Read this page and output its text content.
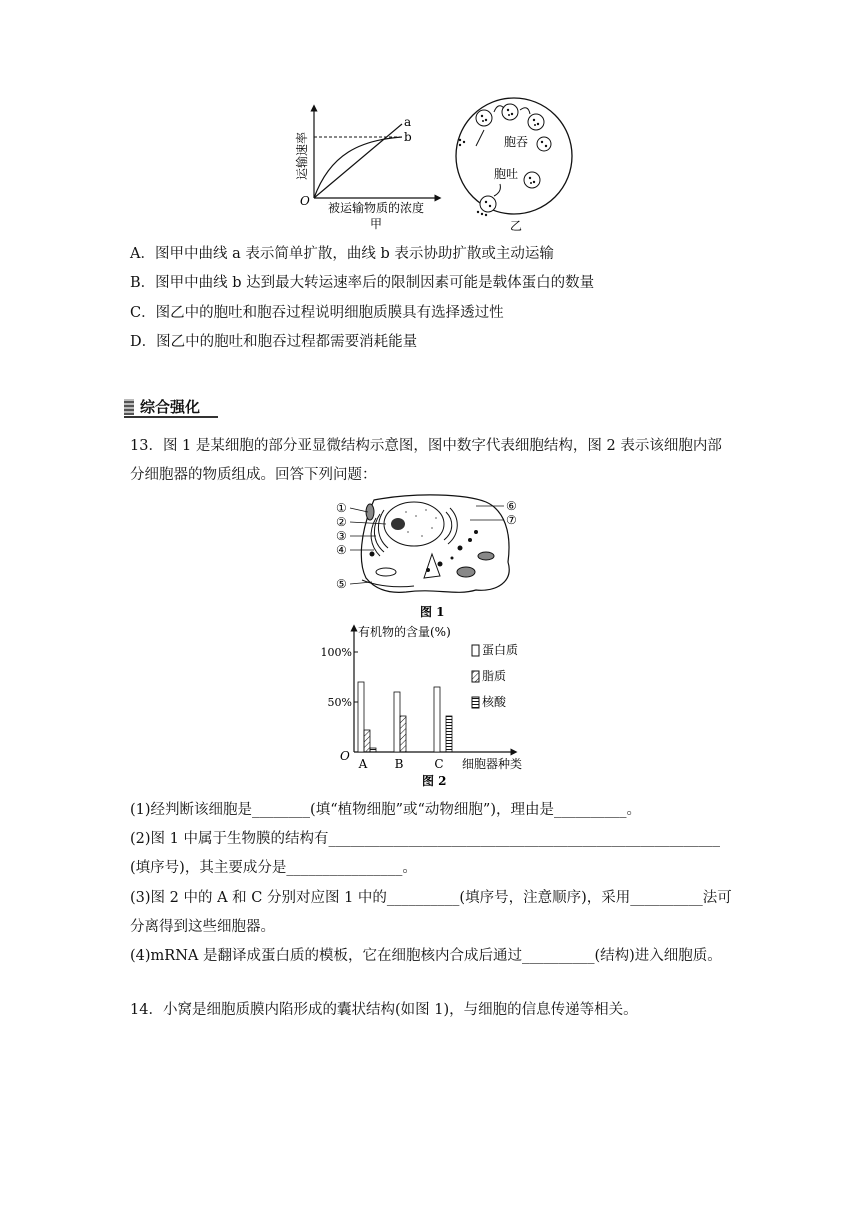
a
b
O
运输速率
被运输物质的浓度
甲
胞吞
胞吐
乙
A．图甲中曲线 a 表示简单扩散，曲线 b 表示协助扩散或主动运输
B．图甲中曲线 b 达到最大转运速率后的限制因素可能是载体蛋白的数量
C．图乙中的胞吐和胞吞过程说明细胞质膜具有选择透过性
D．图乙中的胞吐和胞吞过程都需要消耗能量
综合强化
13．图 1 是某细胞的部分亚显微结构示意图，图中数字代表细胞结构，图 2 表示该细胞内部
分细胞器的物质组成。回答下列问题：
①
②
③
④
⑤
⑥
⑦
图 1
有机物的含量(%)
O
细胞器种类
A B	C
100%
50%
蛋白质
脂质
核酸
图 2
(1)经判断该细胞是________(填“植物细胞”或“动物细胞”)，理由是__________。
(2)图 1 中属于生物膜的结构有______________________________________________________
(填序号)，其主要成分是________________。
(3)图 2 中的 A 和 C 分别对应图 1 中的__________(填序号，注意顺序)，采用__________法可
分离得到这些细胞器。
(4)mRNA 是翻译成蛋白质的模板，它在细胞核内合成后通过__________(结构)进入细胞质。
14．小窝是细胞质膜内陷形成的囊状结构(如图 1)，与细胞的信息传递等相关。
